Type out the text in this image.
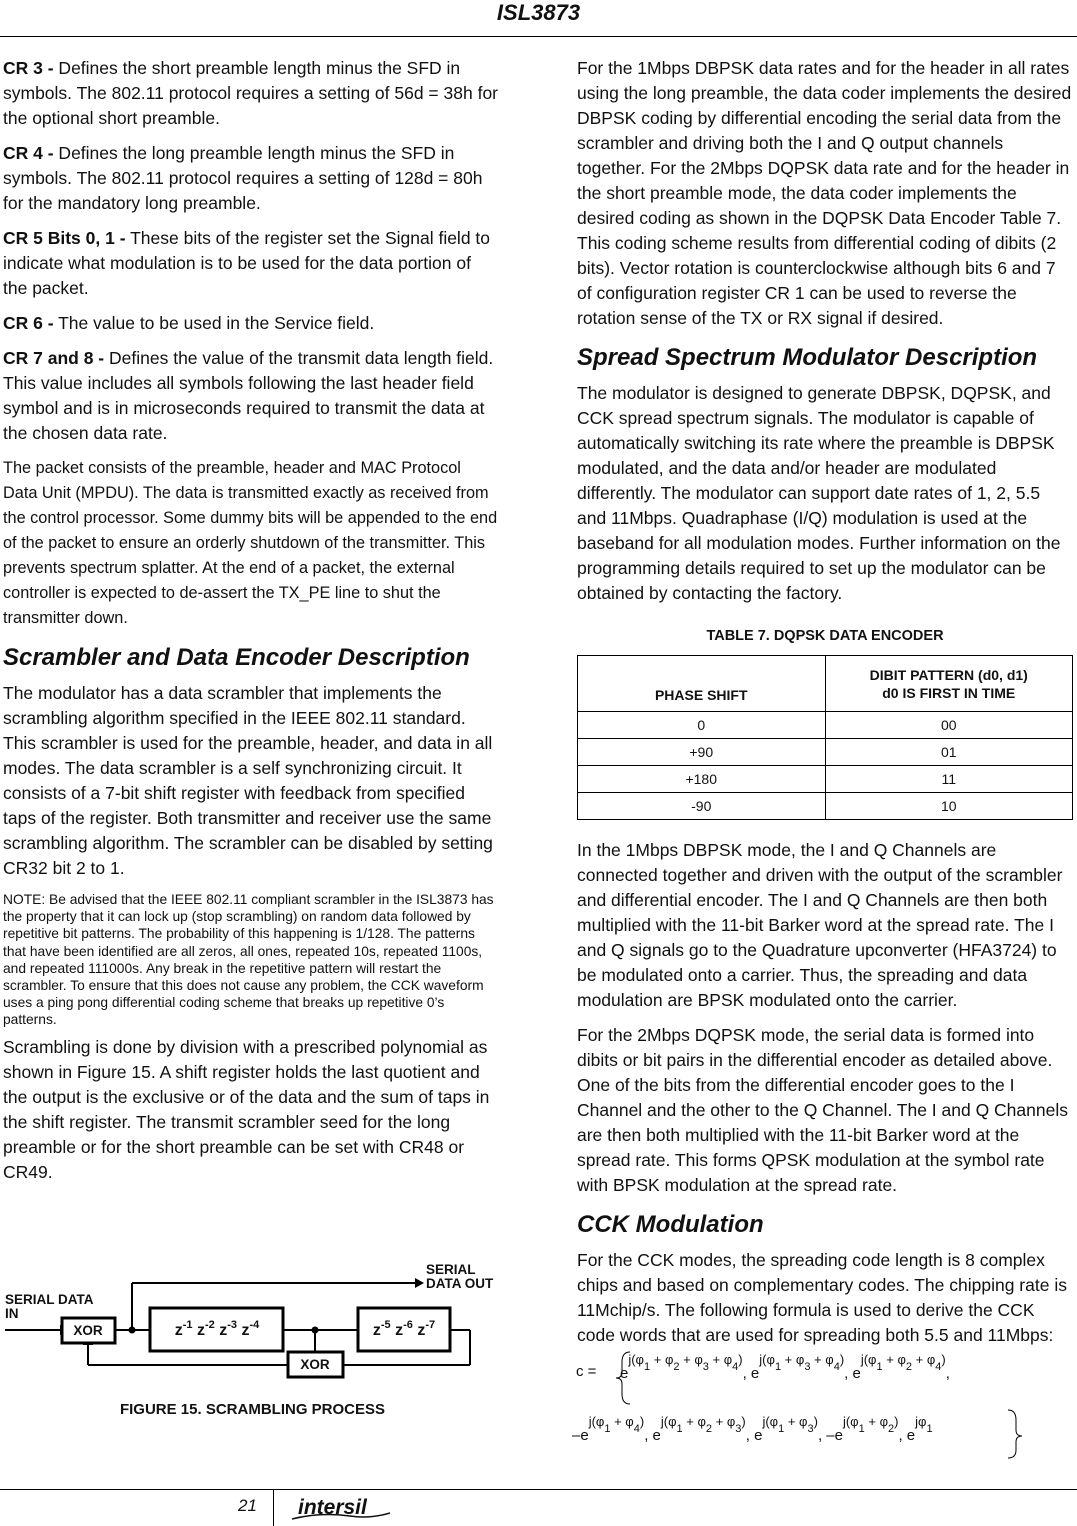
ISL3873

CR 3 - Defines the short preamble length minus the SFD in symbols. The 802.11 protocol requires a setting of 56d = 38h for the optional short preamble.

CR 4 - Defines the long preamble length minus the SFD in symbols. The 802.11 protocol requires a setting of 128d = 80h for the mandatory long preamble.

CR 5 Bits 0, 1 - These bits of the register set the Signal field to indicate what modulation is to be used for the data portion of the packet.

CR 6 - The value to be used in the Service field.

CR 7 and 8 - Defines the value of the transmit data length field. This value includes all symbols following the last header field symbol and is in microseconds required to transmit the data at the chosen data rate.

The packet consists of the preamble, header and MAC Protocol Data Unit (MPDU). The data is transmitted exactly as received from the control processor. Some dummy bits will be appended to the end of the packet to ensure an orderly shutdown of the transmitter. This prevents spectrum splatter. At the end of a packet, the external controller is expected to de-assert the TX_PE line to shut the transmitter down.

Scrambler and Data Encoder Description

The modulator has a data scrambler that implements the scrambling algorithm specified in the IEEE 802.11 standard. This scrambler is used for the preamble, header, and data in all modes. The data scrambler is a self synchronizing circuit. It consists of a 7-bit shift register with feedback from specified taps of the register. Both transmitter and receiver use the same scrambling algorithm. The scrambler can be disabled by setting CR32 bit 2 to 1.

NOTE: Be advised that the IEEE 802.11 compliant scrambler in the ISL3873 has the property that it can lock up (stop scrambling) on random data followed by repetitive bit patterns. The probability of this happening is 1/128. The patterns that have been identified are all zeros, all ones, repeated 10s, repeated 1100s, and repeated 111000s. Any break in the repetitive pattern will restart the scrambler. To ensure that this does not cause any problem, the CCK waveform uses a ping pong differential coding scheme that breaks up repetitive 0’s patterns.

Scrambling is done by division with a prescribed polynomial as shown in Figure 15. A shift register holds the last quotient and the output is the exclusive or of the data and the sum of taps in the shift register. The transmit scrambler seed for the long preamble or for the short preamble can be set with CR48 or CR49.

SERIAL DATA
IN
SERIAL
DATA OUT
XOR
XOR
$z^{-1}$ $z^{-2}$ $z^{-3}$ $z^{-4}$	$z^{-5}$ $z^{-6}$ $z^{-7}$
FIGURE 15. SCRAMBLING PROCESS

For the 1Mbps DBPSK data rates and for the header in all rates using the long preamble, the data coder implements the desired DBPSK coding by differential encoding the serial data from the scrambler and driving both the I and Q output channels together. For the 2Mbps DQPSK data rate and for the header in the short preamble mode, the data coder implements the desired coding as shown in the DQPSK Data Encoder Table 7. This coding scheme results from differential coding of dibits (2 bits). Vector rotation is counterclockwise although bits 6 and 7 of configuration register CR 1 can be used to reverse the rotation sense of the TX or RX signal if desired.

Spread Spectrum Modulator Description

The modulator is designed to generate DBPSK, DQPSK, and CCK spread spectrum signals. The modulator is capable of automatically switching its rate where the preamble is DBPSK modulated, and the data and/or header are modulated differently. The modulator can support date rates of 1, 2, 5.5 and 11Mbps. Quadraphase (I/Q) modulation is used at the baseband for all modulation modes. Further information on the programming details required to set up the modulator can be obtained by contacting the factory.

TABLE 7. DQPSK DATA ENCODER
PHASE SHIFT	DIBIT PATTERN (d0, d1)
d0 IS FIRST IN TIME
0	00
+90	01
+180	11
-90	10

In the 1Mbps DBPSK mode, the I and Q Channels are connected together and driven with the output of the scrambler and differential encoder. The I and Q Channels are then both multiplied with the 11-bit Barker word at the spread rate. The I and Q signals go to the Quadrature upconverter (HFA3724) to be modulated onto a carrier. Thus, the spreading and data modulation are BPSK modulated onto the carrier.

For the 2Mbps DQPSK mode, the serial data is formed into dibits or bit pairs in the differential encoder as detailed above. One of the bits from the differential encoder goes to the I Channel and the other to the Q Channel. The I and Q Channels are then both multiplied with the 11-bit Barker word at the spread rate. This forms QPSK modulation at the symbol rate with BPSK modulation at the spread rate.

CCK Modulation

For the CCK modes, the spreading code length is 8 complex chips and based on complementary codes. The chipping rate is 11Mchip/s. The following formula is used to derive the CCK code words that are used for spreading both 5.5 and 11Mbps:

$c = ej(\varphi_1 + \varphi_2 + \varphi_3 + \varphi_4)$, $ej(\varphi_1 + \varphi_3 + \varphi_4)$, $ej(\varphi_1 + \varphi_2 + \varphi_4)$,
$-ej(\varphi_1 + \varphi_4)$, $ej(\varphi_1 + \varphi_2 + \varphi_3)$, $ej(\varphi_1 + \varphi_3)$, $-ej(\varphi_1 + \varphi_2)$, ejφ$_1$
21 intersil
